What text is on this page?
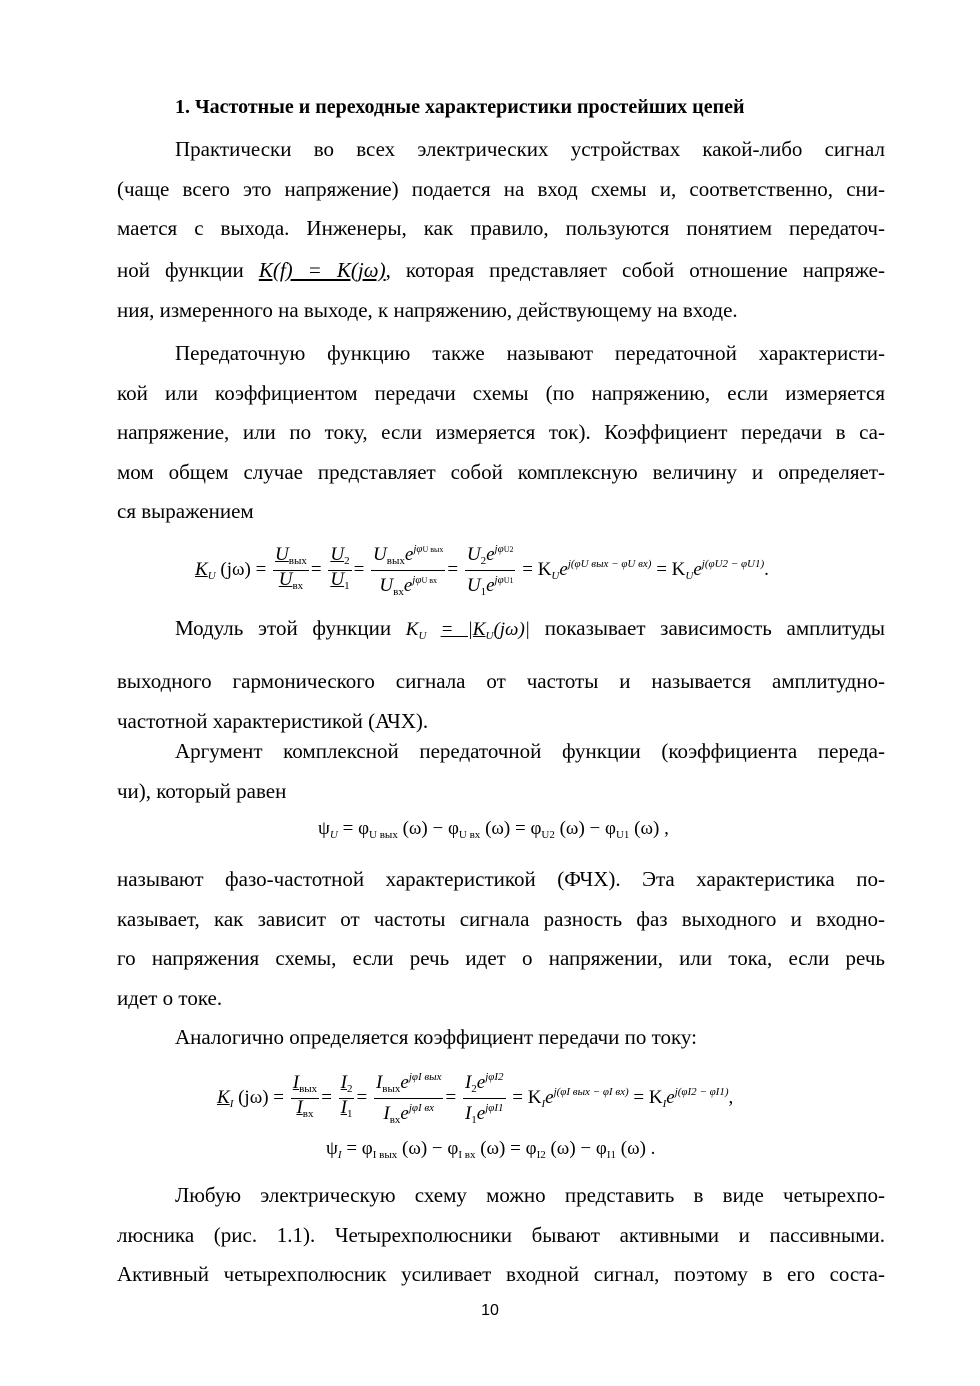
1. Частотные и переходные характеристики простейших цепей
Практически во всех электрических устройствах какой-либо сигнал
(чаще всего это напряжение) подается на вход схемы и, соответственно, сни-
мается с выхода. Инженеры, как правило, пользуются понятием передаточ-
ной функции K(f) = K(jω), которая представляет собой отношение напряже-
ния, измеренного на выходе, к напряжению, действующему на входе.
Передаточную функцию также называют передаточной характеристи-
кой или коэффициентом передачи схемы (по напряжению, если измеряется
напряжение, или по току, если измеряется ток). Коэффициент передачи в са-
мом общем случае представляет собой комплексную величину и определяет-
ся выражением
$K_U$ (jω) =
$U_{вых}$
$U_{вх}$
= $\frac{U_2}{U_1}$ =
$U_{вых}e^{j\varphi U вых}$
$U_{вх}e^{j\varphi U вх}$
=
$U_2e^{j\varphi U2}$
$U_1e^{j\varphi U1}$
= $K_Ue^{j(\varphi U вых - \varphi U вх)} = K_Ue^{j(\varphi U2 - \varphi U1)}$.
Модуль этой функции $K_U = |K_U(j\omega)|$ показывает зависимость амплитуды
выходного гармонического сигнала от частоты и называется амплитудно-
частотной характеристикой (АЧХ).
Аргумент комплексной передаточной функции (коэффициента переда-
чи), который равен
$\psi_U = \varphi_{U вых}$ $(\omega) - \varphi_{U вх}$ $(\omega) = \varphi_{U2}$ $(\omega) - \varphi_{U1}$ (ω) ,
называют фазо-частотной характеристикой (ФЧХ). Эта характеристика по-
казывает, как зависит от частоты сигнала разность фаз выходного и входно-
го напряжения схемы, если речь идет о напряжении, или тока, если речь
идет о токе.
Аналогично определяется коэффициент передачи по току:
$K_I$ (jω) =
$I_{вых}$
$I_{вх}$
= $\frac{I_2}{I_1}$ =
$I_{вых}e^{j\varphi I вых}$
$I_{вх}e^{j\varphi I вх}$
=
$I_2e^{j\varphi I2}$
$I_1e^{j\varphi I1}$
= $K_Ie^{j(\varphi I вых - \varphi I вх)} = K_Ie^{j(\varphi I2 - \varphi I1)}$,
$\psi_I = \varphi_{I вых}$ $(\omega) - \varphi_{I вх}$ $(\omega) = \varphi_{I2}$ $(\omega) - \varphi_{I1}$ (ω) .
Любую электрическую схему можно представить в виде четырехпо-
люсника (рис. 1.1). Четырехполюсники бывают активными и пассивными.
Активный четырехполюсник усиливает входной сигнал, поэтому в его соста-
10
